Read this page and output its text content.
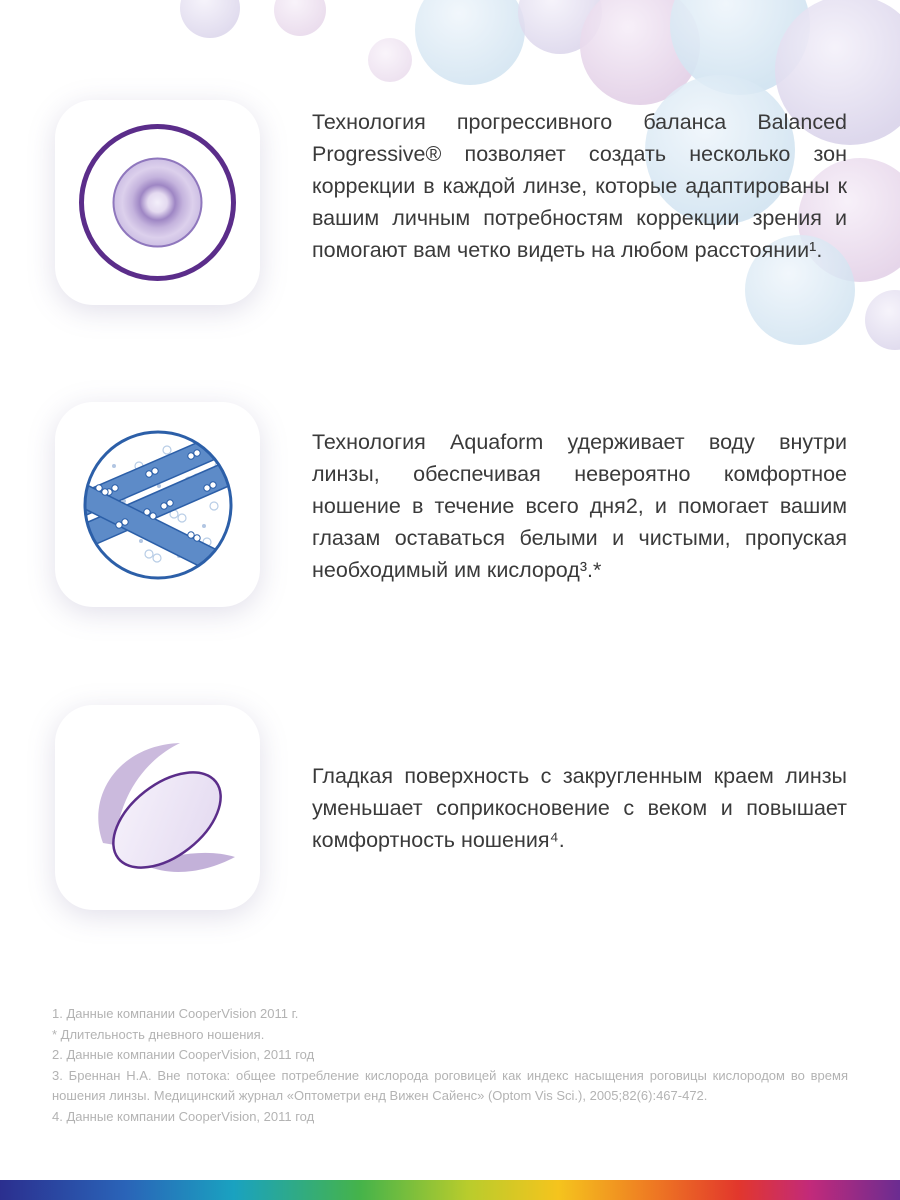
Технология прогрессивного баланса Balanced Progressive® позволяет создать несколько зон коррекции в каждой линзе, которые адаптированы к вашим личным потребностям коррекции зрения и помогают вам четко видеть на любом расстоянии¹.
Технология Aquaform удерживает воду внутри линзы, обеспечивая невероятно комфортное ношение в течение всего дня2, и помогает вашим глазам оставаться белыми и чистыми, пропуская необходимый им кислород³.*
Гладкая поверхность с закругленным краем линзы уменьшает соприкосновение с веком и повышает комфортность ношения⁴.

1. Данные компании CooperVision 2011 г.

* Длительность дневного ношения.

2. Данные компании CooperVision, 2011 год

3. Бреннан Н.А. Вне потока: общее потребление кислорода роговицей как индекс насыщения роговицы кислородом во время ношения линзы. Медицинский журнал «Оптометри енд Вижен Сайенс» (Optom Vis Sci.), 2005;82(6):467-472.

4. Данные компании CooperVision, 2011 год
